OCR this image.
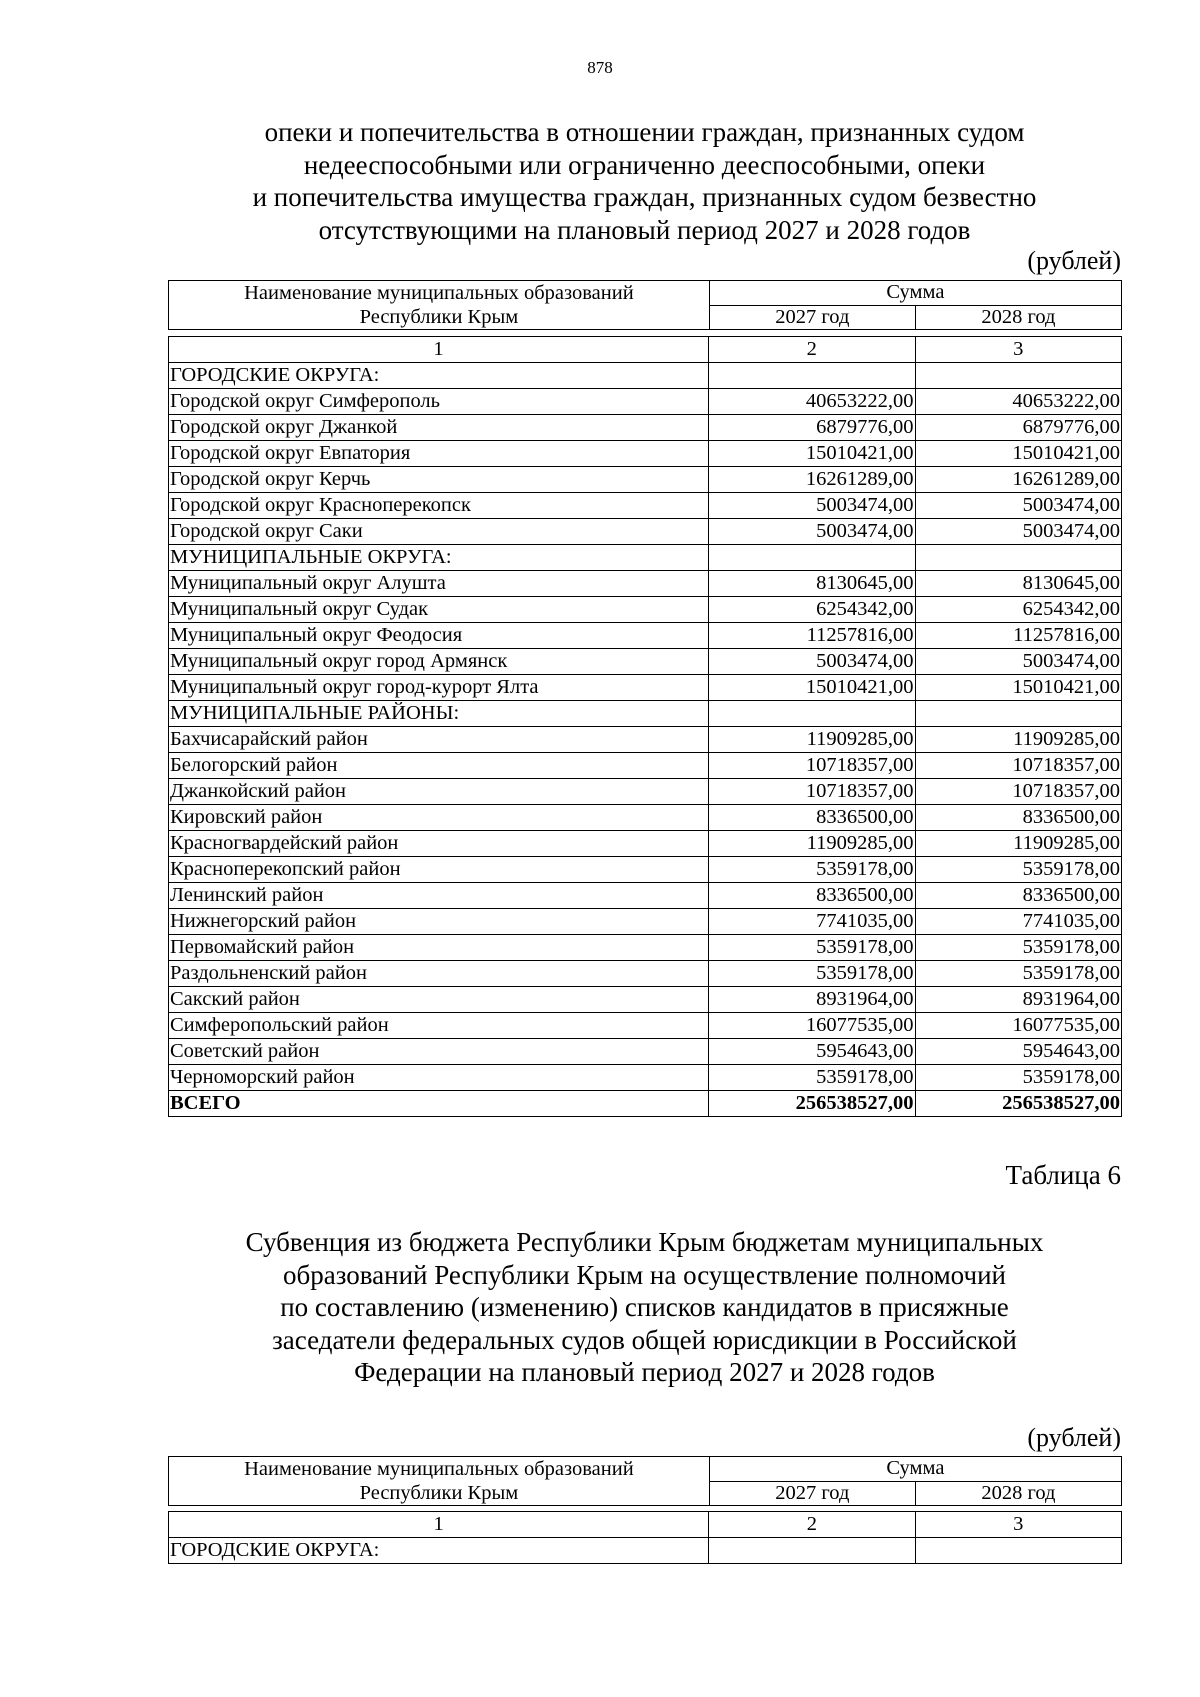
878
опеки и попечительства в отношении граждан, признанных судом
недееспособными или ограниченно дееспособными, опеки
и попечительства имущества граждан, признанных судом безвестно
отсутствующими на плановый период 2027 и 2028 годов
(рублей)
Наименование муниципальных образований
Республики Крым	Сумма	
	2027 год	2028 год
1	2	3
ГОРОДСКИЕ ОКРУГА:		
Городской округ Симферополь	40653222,00	40653222,00
Городской округ Джанкой	6879776,00	6879776,00
Городской округ Евпатория	15010421,00	15010421,00
Городской округ Керчь	16261289,00	16261289,00
Городской округ Красноперекопск	5003474,00	5003474,00
Городской округ Саки	5003474,00	5003474,00
МУНИЦИПАЛЬНЫЕ ОКРУГА:		
Муниципальный округ Алушта	8130645,00	8130645,00
Муниципальный округ Судак	6254342,00	6254342,00
Муниципальный округ Феодосия	11257816,00	11257816,00
Муниципальный округ город Армянск	5003474,00	5003474,00
Муниципальный округ город-курорт Ялта	15010421,00	15010421,00
МУНИЦИПАЛЬНЫЕ РАЙОНЫ:		
Бахчисарайский район	11909285,00	11909285,00
Белогорский район	10718357,00	10718357,00
Джанкойский район	10718357,00	10718357,00
Кировский район	8336500,00	8336500,00
Красногвардейский район	11909285,00	11909285,00
Красноперекопский район	5359178,00	5359178,00
Ленинский район	8336500,00	8336500,00
Нижнегорский район	7741035,00	7741035,00
Первомайский район	5359178,00	5359178,00
Раздольненский район	5359178,00	5359178,00
Сакский район	8931964,00	8931964,00
Симферопольский район	16077535,00	16077535,00
Советский район	5954643,00	5954643,00
Черноморский район	5359178,00	5359178,00
ВСЕГО	256538527,00	256538527,00
Таблица 6
Субвенция из бюджета Республики Крым бюджетам муниципальных
образований Республики Крым на осуществление полномочий
по составлению (изменению) списков кандидатов в присяжные
заседатели федеральных судов общей юрисдикции в Российской
Федерации на плановый период 2027 и 2028 годов
(рублей)
Наименование муниципальных образований
Республики Крым	Сумма	
	2027 год	2028 год
1	2	3
ГОРОДСКИЕ ОКРУГА:		
